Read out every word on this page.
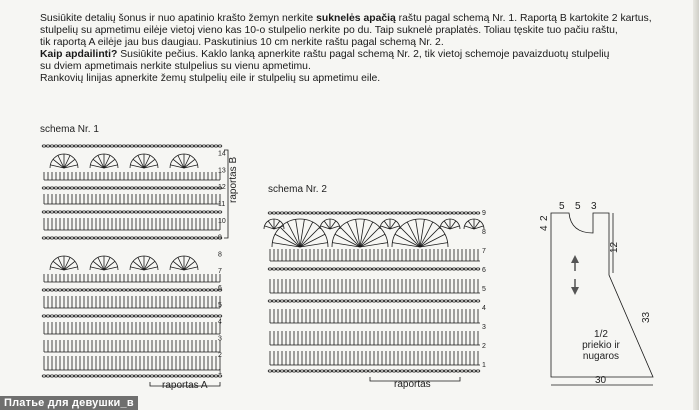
Susiūkite detalių šonus ir nuo apatinio krašto žemyn nerkite suknelės apačią raštu pagal schemą Nr. 1. Raportą B kartokite 2 kartus,

stulpelių su apmetimu eilėje vietoj vieno kas 10-o stulpelio nerkite po du. Taip suknelė praplatės. Toliau tęskite tuo pačiu raštu,

tik raportą A eilėje jau bus daugiau. Paskutinius 10 cm nerkite raštu pagal schemą Nr. 2.

Kaip apdailinti? Susiūkite pečius. Kaklo lanką apnerkite raštu pagal schemą Nr. 2, tik vietoj schemoje pavaizduotų stulpelių

su dviem apmetimais nerkite stulpelius su vienu apmetimu.

Rankovių linijas apnerkite žemų stulpelių eile ir stulpelių su apmetimu eile.

schema Nr. 1
schema Nr. 2
1
2
3
4
5
6
7
8
9
10
11
12
13
14
raportas B
raportas A
1
2
3
4
5
6
7
8
9
raportas
5 5 3
4
2
12
33
1/2
priekio ir
nugaros
30
Платье для девушки_в
